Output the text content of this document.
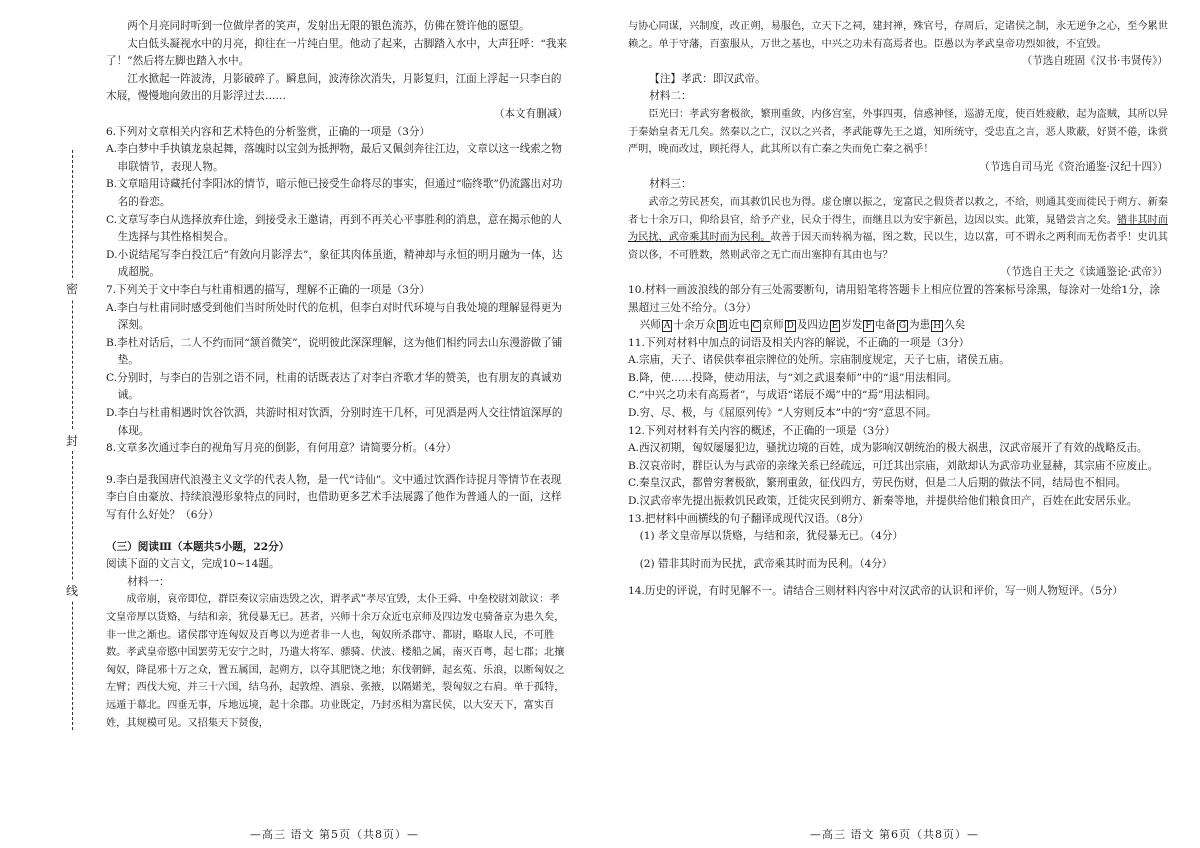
密
封
线

两个月亮同时听到一位做岸者的笑声，发射出无限的银色流苏，仿佛在赞许他的愿望。

太白低头凝视水中的月亮，抑往在一片纯白里。他动了起来，古脚踏入水中，大声狂呼：“我来了！”然后将左脚也踏入水中。

江水掀起一阵波涛，月影破碎了。瞬息间，波涛徐次消失，月影复归，江面上浮起一只李白的木屐，慢慢地向敛出的月影浮过去……

（本文有删减）

6.下列对文章相关内容和艺术特色的分析鉴赏，正确的一项是（3分）

A.李白梦中手执镇龙泉起舞，落魄时以宝剑为抵押物，最后又佩剑奔往江边，文章以这一线索之物串联情节，表现人物。

B.文章暗用诗藏托付李阳冰的情节，暗示他已接受生命将尽的事实，但通过“临终歌”仍流露出对功名的眷恋。

C.文章写李白从选择放弃仕途，到接受永王邀请，再到不再关心平事胜利的消息，意在揭示他的人生选择与其性格相契合。

D.小说结尾写李白投江后“有敛向月影浮去”，象征其肉体虽逝，精神却与永恒的明月融为一体，达成超脱。

7.下列关于文中李白与杜甫相遇的描写，理解不正确的一项是（3分）

A.李白与杜甫同时感受到他们当时所处时代的危机，但李白对时代环境与自我处境的理解显得更为深刻。

B.李杜对话后，二人不约而同“颔首微笑”，说明彼此深深理解，这为他们相约同去山东漫游做了铺垫。

C.分别时，与李白的告别之语不同，杜甫的话既表达了对李白齐歌才华的赞美，也有朋友的真诚劝诫。

D.李白与杜甫相遇时饮谷饮酒，共游时相对饮酒，分别时连干几杯，可见酒是两人交往情谊深厚的体现。

8.文章多次通过李白的视角写月亮的倒影，有何用意？请简要分析。（4分）

9.李白是我国唐代浪漫主义文学的代表人物，是一代“诗仙”。文中通过饮酒作诗捉月等情节在表现李白自由豪放、持续浪漫形象特点的同时，也借助更多艺术手法展露了他作为普通人的一面，这样写有什么好处？（6分）

（三）阅读Ⅲ（本题共5小题，22分）

阅读下面的文言文，完成10~14题。

材料一：

成帝崩，哀帝即位，群臣奏议宗庙迭毁之次，谓孝武“孝尽宜毁，太仆王舜、中垒校尉刘歆议：孝文皇帝厚以货赂，与结和亲，犹侵暴无已。甚者，兴师十余万众近屯京师及四边发屯骑备京为患久矣，非一世之渐也。诸侯郡守连匈奴及百粤以为逆者非一人也，匈奴所杀郡守、都尉，略取人民，不可胜数。孝武皇帝愍中国罢劳无安宁之时，乃遣大将军、骠骑、伏波、楼船之属，南灭百粤，起七郡；北攘匈奴，降昆邪十万之众，置五属国，起朔方，以夺其肥饶之地；东伐朝鲜，起玄菟、乐浪，以断匈奴之左臂；西伐大宛，并三十六国，结乌孙，起敦煌、酒泉、张掖，以隔婼羌，裂匈奴之右肩。单于孤特，远遁于幕北。四垂无事，斥地远境，起十余郡。功业既定，乃封丞相为富民侯，以大安天下，富实百姓，其规模可见。又招集天下贤俊，

—高三 语文 第5页（共8页）—

与协心同谋，兴制度，改正朔，易服色，立天下之祠，建封禅，殊官号，存周后，定诸侯之制，永无逆争之心，至今累世赖之。单于守藩，百蛮服从，万世之基也，中兴之功未有高焉者也。臣愚以为孝武皇帝功烈如彼，不宜毁。

（节选自班固《汉书·韦贤传》）

【注】孝武：即汉武帝。

材料二：

臣光曰：孝武穷奢极欲，繁刑重敛，内侈宫室，外事四夷，信惑神怪，巡游无度，使百姓疲敝，起为盗贼，其所以异于秦始皇者无几矣。然秦以之亡，汉以之兴者，孝武能尊先王之道，知所统守，受忠直之言，恶人欺蔽，好贤不倦，诛赏严明，晚而改过，顾托得人，此其所以有亡秦之失而免亡秦之祸乎！

（节选自司马光《资治通鉴·汉纪十四》）

材料三：

武帝之劳民甚矣，而其救饥民也为得。虚仓廪以振之，宠富民之假贷者以救之，不给，则通其变而徙民于朔方、新秦者七十余万口，仰给县官，给予产业，民众于得生，而继且以为安宇新邑，边因以实。此策，晁错尝言之矣。错非其时而为民扰，武帝乘其时而为民利。故善于因天而转祸为福，图之数，民以生，边以富，可不谓永之两利而无伤者乎！史讥其资以侈，不可胜数，然则武帝之无亡而出塞抑有其由也与？

（节选自王夫之《读通鉴论·武帝》）

10.材料一画波浪线的部分有三处需要断句，请用铅笔将答题卡上相应位置的答案标号涂黑，每涂对一处给1分，涂黑超过三处不给分。（3分）

兴师 A 十余万众 B 近屯 C 京师 D 及四边 E 岁发 F 屯备 G 为患 H 久矣

11.下列对材料中加点的词语及相关内容的解说，不正确的一项是（3分）

A.宗庙，天子、诸侯供奉祖宗牌位的处所。宗庙制度规定，天子七庙，诸侯五庙。

B.降，使……投降，使动用法，与“刘之武退秦师”中的“退”用法相同。

C.“中兴之功未有高焉者”，与成语“诺辰不竭”中的“焉”用法相同。

D.穷、尽、极，与《屈原列传》“人穷则反本”中的“穷”意思不同。

12.下列对材料有关内容的概述，不正确的一项是（3分）

A.西汉初期，匈奴屡屡犯边，骚扰边境的百姓，成为影响汉朝统治的极大祸患，汉武帝展开了有效的战略反击。

B.汉哀帝时，群臣认为与武帝的亲缘关系已经疏远，可迁其出宗庙，刘歆却认为武帝功业显赫，其宗庙不应废止。

C.秦皇汉武，都曾穷奢极欲，繁刑重敛，征伐四方，劳民伤财，但是二人后期的做法不同，结局也不相同。

D.汉武帝率先提出振救饥民政策，迁徙灾民到朔方、新秦等地，并提供给他们粮食田产，百姓在此安居乐业。

13.把材料中画横线的句子翻译成现代汉语。（8分）

(1) 孝文皇帝厚以货赂，与结和亲，犹侵暴无已。（4分）

(2) 错非其时而为民扰，武帝乘其时而为民利。（4分）

14.历史的评说，有时见解不一。请结合三则材料内容中对汉武帝的认识和评价，写一则人物短评。（5分）

—高三 语文 第6页（共8页）—
